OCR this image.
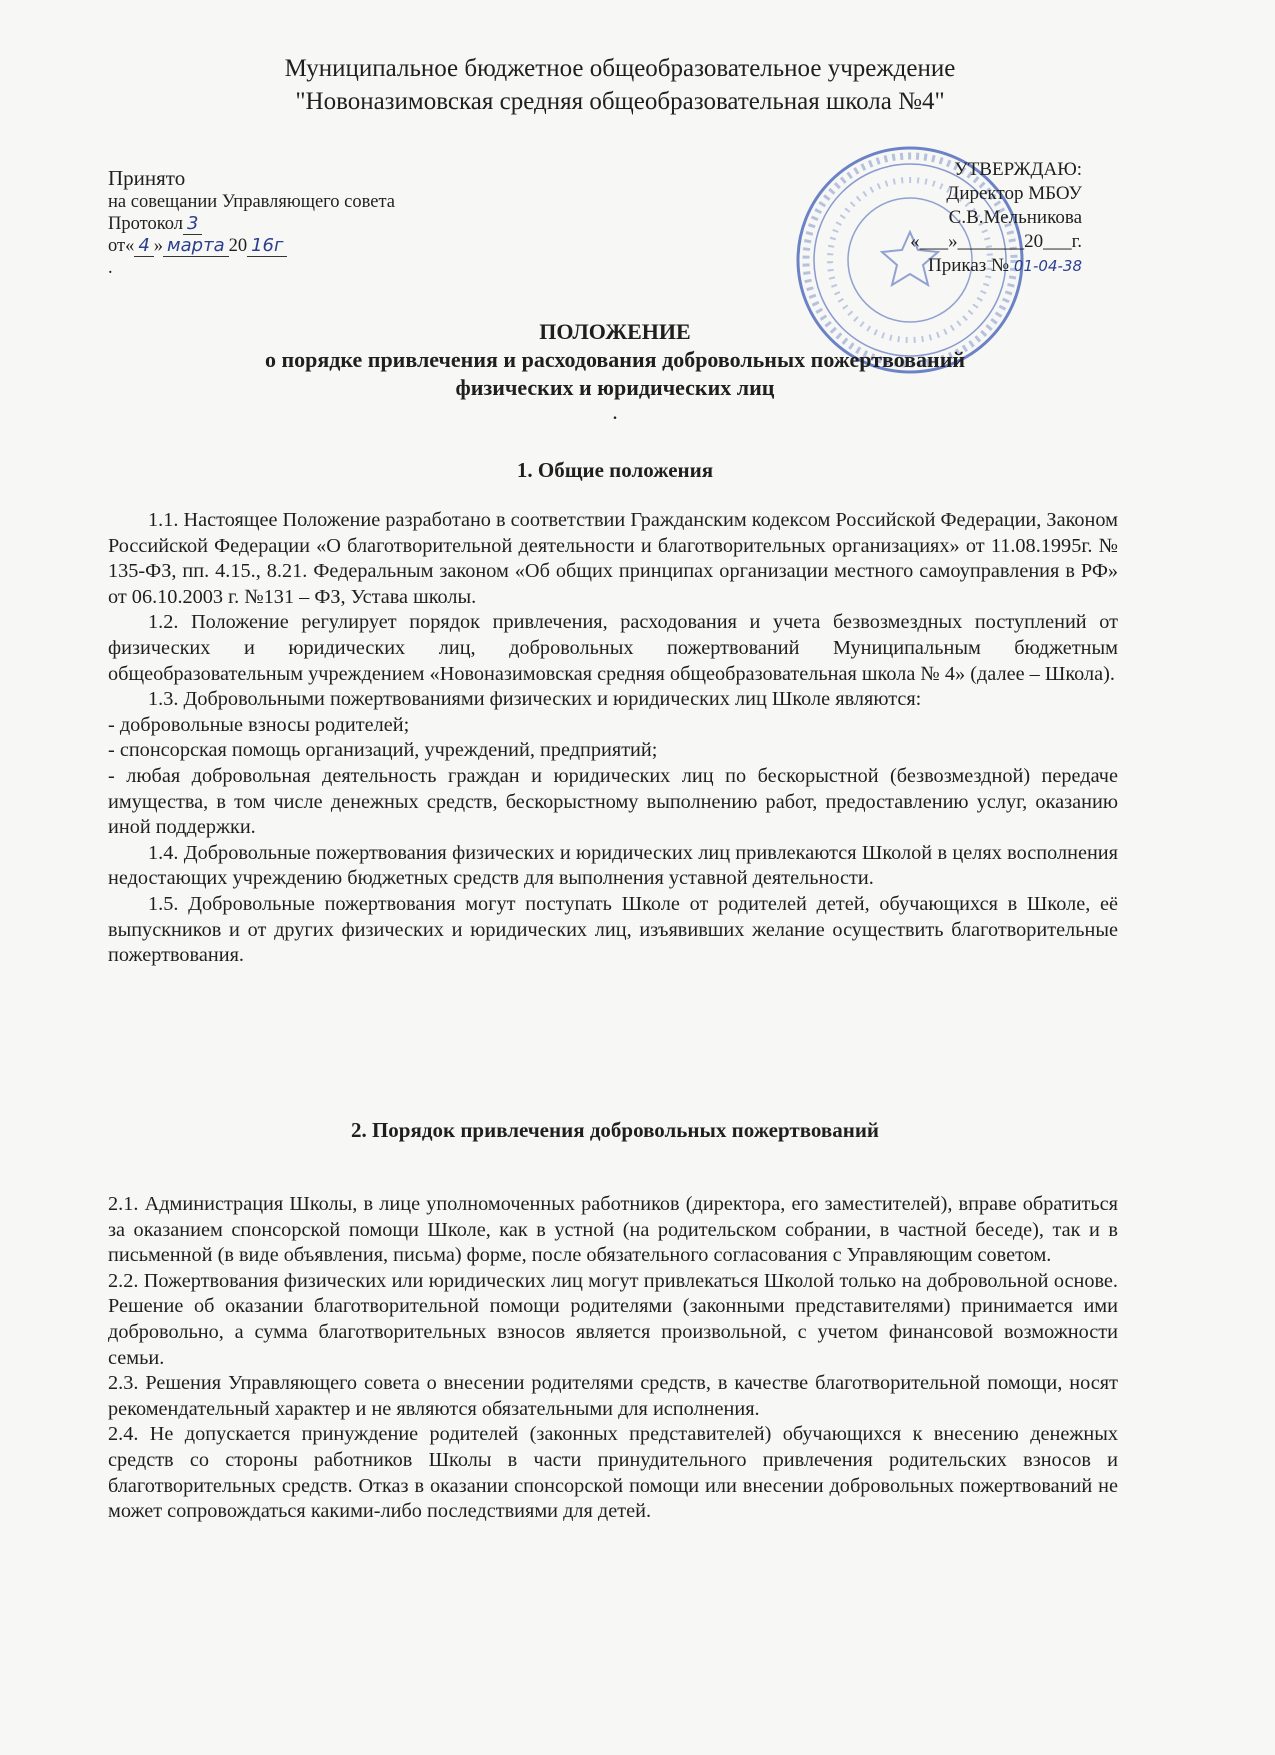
Муниципальное бюджетное общеобразовательное учреждение
"Новоназимовская средняя общеобразовательная школа №4"
Принято
на совещании Управляющего совета
Протокол 3
от« 4 » марта 20 16г
.
УТВЕРЖДАЮ:
Директор МБОУ
С.В.Мельникова
«___»_______20___г.
Приказ № 01-04-38
ПОЛОЖЕНИЕ
о порядке привлечения и расходования добровольных пожертвований
физических и юридических лиц
.
1. Общие положения

1.1. Настоящее Положение разработано в соответствии Гражданским кодексом Российской Федерации, Законом Российской Федерации «О благотворительной деятельности и благотворительных организациях» от 11.08.1995г. № 135-ФЗ, пп. 4.15., 8.21. Федеральным законом «Об общих принципах организации местного самоуправления в РФ» от 06.10.2003 г. №131 – ФЗ, Устава школы.

1.2. Положение регулирует порядок привлечения, расходования и учета безвозмездных поступлений от физических и юридических лиц, добровольных пожертвований Муниципальным бюджетным общеобразовательным учреждением «Новоназимовская средняя общеобразовательная школа № 4» (далее – Школа).

1.3. Добровольными пожертвованиями физических и юридических лиц Школе являются:

- добровольные взносы родителей;

- спонсорская помощь организаций, учреждений, предприятий;

- любая добровольная деятельность граждан и юридических лиц по бескорыстной (безвозмездной) передаче имущества, в том числе денежных средств, бескорыстному выполнению работ, предоставлению услуг, оказанию иной поддержки.

1.4. Добровольные пожертвования физических и юридических лиц привлекаются Школой в целях восполнения недостающих учреждению бюджетных средств для выполнения уставной деятельности.

1.5. Добровольные пожертвования могут поступать Школе от родителей детей, обучающихся в Школе, её выпускников и от других физических и юридических лиц, изъявивших желание осуществить благотворительные пожертвования.

2. Порядок привлечения добровольных пожертвований

2.1. Администрация Школы, в лице уполномоченных работников (директора, его заместителей), вправе обратиться за оказанием спонсорской помощи Школе, как в устной (на родительском собрании, в частной беседе), так и в письменной (в виде объявления, письма) форме, после обязательного согласования с Управляющим советом.

2.2. Пожертвования физических или юридических лиц могут привлекаться Школой только на добровольной основе. Решение об оказании благотворительной помощи родителями (законными представителями) принимается ими добровольно, а сумма благотворительных взносов является произвольной, с учетом финансовой возможности семьи.

2.3. Решения Управляющего совета о внесении родителями средств, в качестве благотворительной помощи, носят рекомендательный характер и не являются обязательными для исполнения.

2.4. Не допускается принуждение родителей (законных представителей) обучающихся к внесению денежных средств со стороны работников Школы в части принудительного привлечения родительских взносов и благотворительных средств. Отказ в оказании спонсорской помощи или внесении добровольных пожертвований не может сопровождаться какими-либо последствиями для детей.
